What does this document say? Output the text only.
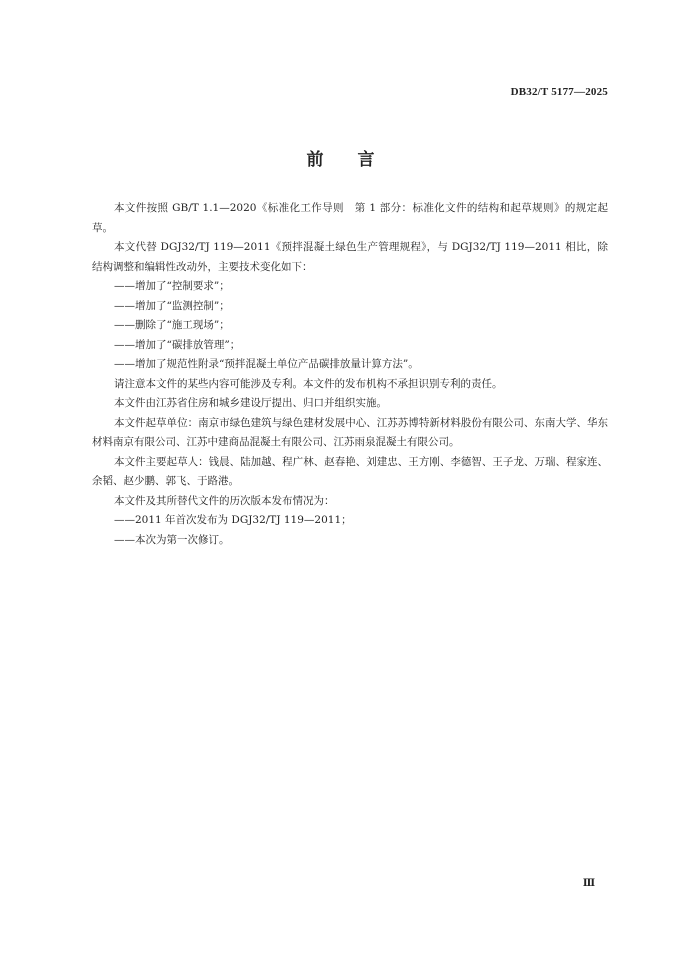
DB32/T 5177—2025
前　　言

本文件按照 GB/T 1.1—2020《标准化工作导则　第 1 部分：标准化文件的结构和起草规则》的规定起草。

本文代替 DGJ32/TJ 119—2011《预拌混凝土绿色生产管理规程》，与 DGJ32/TJ 119—2011 相比，除结构调整和编辑性改动外，主要技术变化如下：

——增加了“控制要求”；

——增加了“监测控制”；

——删除了“施工现场”；

——增加了“碳排放管理”；

——增加了规范性附录“预拌混凝土单位产品碳排放量计算方法”。

请注意本文件的某些内容可能涉及专利。本文件的发布机构不承担识别专利的责任。

本文件由江苏省住房和城乡建设厅提出、归口并组织实施。

本文件起草单位：南京市绿色建筑与绿色建材发展中心、江苏苏博特新材料股份有限公司、东南大学、华东材料南京有限公司、江苏中建商品混凝土有限公司、江苏雨泉混凝土有限公司。

本文件主要起草人：钱晨、陆加越、程广林、赵春艳、刘建忠、王方刚、李德智、王子龙、万瑞、程家连、余韬、赵少鹏、郭飞、于路港。

本文件及其所替代文件的历次版本发布情况为：

——2011 年首次发布为 DGJ32/TJ 119—2011；

——本次为第一次修订。

Ⅲ
